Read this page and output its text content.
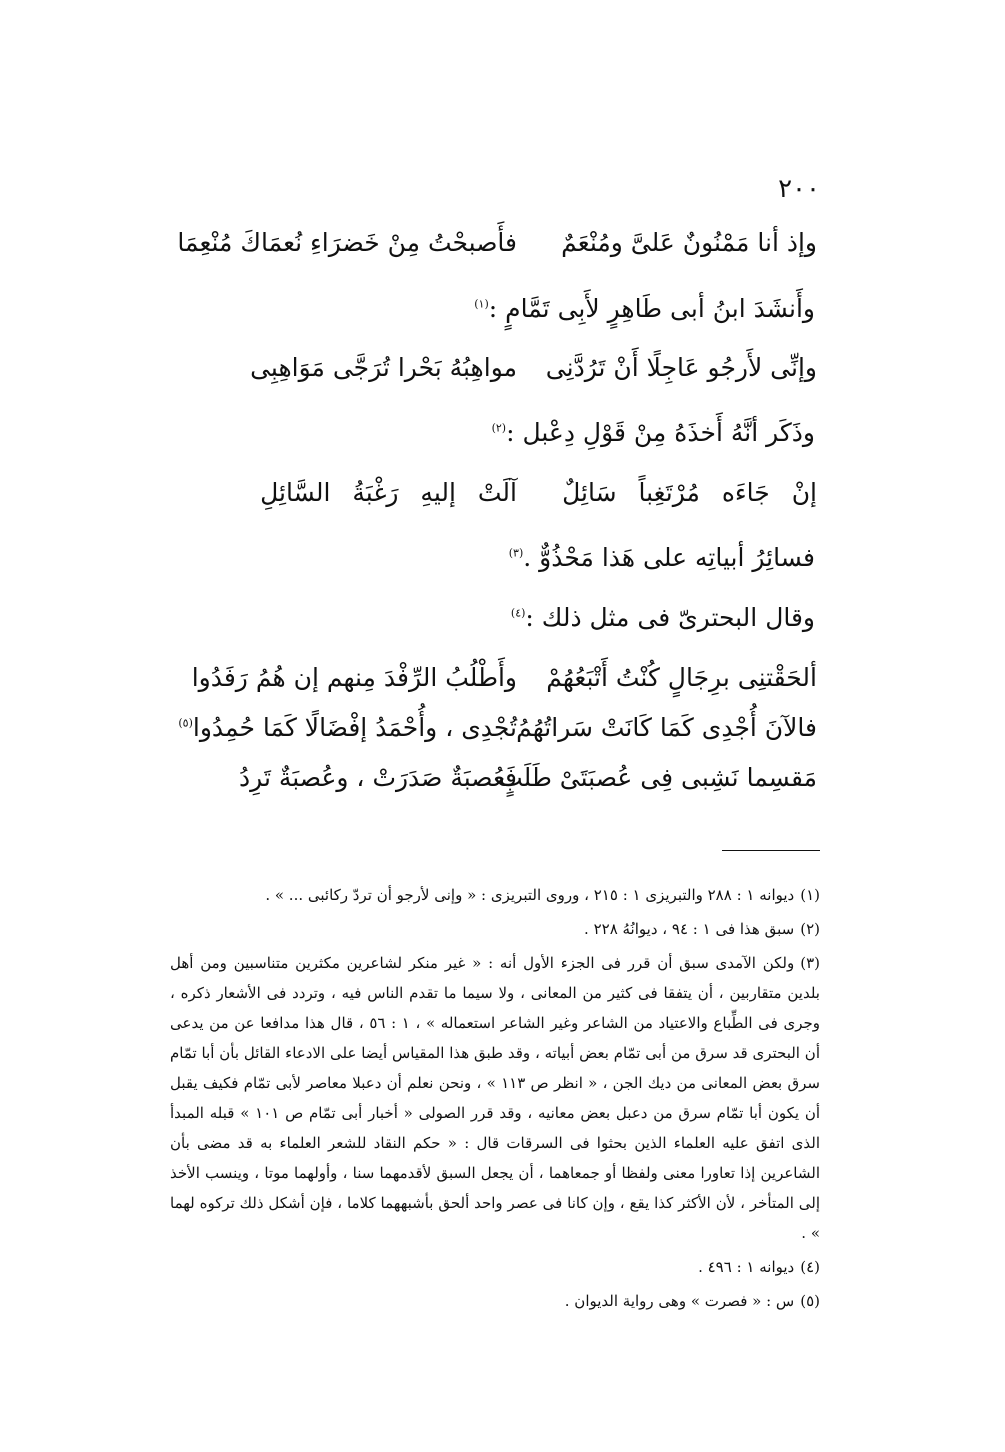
٢٠٠
وإذ أنا مَمْنُونٌ عَلىَّ ومُنْعَمٌ
فأَصبحْتُ مِنْ خَضرَاءِ نُعمَاكَ مُنْعِمَا
وأَنشَدَ ابنُ أبى طَاهِرٍ لأَبِى تَمَّامٍ :$^{(١)}$
وإنِّى لأَرجُو عَاجِلًا أَنْ تَرُدَّنِى
مواهِبُهُ بَحْرا تُرَجَّى مَوَاهِبِى
وذَكَر أنَّهُ أَخذَهُ مِنْ قَوْلِ دِعْبل :$^{(٢)}$
إنْ جَاءَه مُرْتَغِباً سَائِلٌ
آلَتْ إليهِ رَغْبَةُ السَّائِلِ
فسائِرُ أبياتِه على هَذا مَحْذُوٌّ .$^{(٣)}$
وقال البحترىّ فى مثل ذلك :$^{(٤)}$
ألحَقْتنِى برِجَالٍ كُنْتُ أَتْبَعُهُمْ
وأَطْلُبُ الرِّفْدَ مِنهم إن هُمُ رَفَدُوا
فالآنَ أُجْدِى كَمَا كَانَتْ سَراتُهُمُ
تُجْدِى ، وأُحْمَدُ إفْضَالًا كَمَا حُمِدُوا$^{(٥)}$
مَقسِما نَشِبى فِى عُصبَتَىْ طَلَبٍ
فَعُصبَةٌ صَدَرَتْ ، وعُصبَةٌ تَرِدُ

(١)ديوانه ١ : ٢٨٨ والتبريزى ١ : ٢١٥ ، وروى التبريزى : « وإنى لأرجو أن تردّ ركائبى ... » .

(٢)سبق هذا فى ١ : ٩٤ ، ديوانُهُ ٢٢٨ .

(٣)ولكن الآمدى سبق أن قرر فى الجزء الأول أنه : « غير منكر لشاعرين مكثرين متناسبين ومن أهل بلدين متقاربين ، أن يتفقا فى كثير من المعانى ، ولا سيما ما تقدم الناس فيه ، وتردد فى الأشعار ذكره ، وجرى فى الطِّباع والاعتياد من الشاعر وغير الشاعر استعماله » ، ١ : ٥٦ ، قال هذا مدافعا عن من يدعى أن البحترى قد سرق من أبى تمّام بعض أبياته ، وقد طبق هذا المقياس أيضا على الادعاء القائل بأن أبا تمّام سرق بعض المعانى من ديك الجن ، « انظر ص ١١٣ » ، ونحن نعلم أن دعبلا معاصر لأبى تمّام فكيف يقبل أن يكون أبا تمّام سرق من دعبل بعض معانيه ، وقد قرر الصولى « أخبار أبى تمّام ص ١٠١ » قبله المبدأ الذى اتفق عليه العلماء الذين بحثوا فى السرقات قال : « حكم النقاد للشعر العلماء به قد مضى بأن الشاعرين إذا تعاورا معنى ولفظا أو جمعاهما ، أن يجعل السبق لأقدمهما سنا ، وأولهما موتا ، وينسب الأخذ إلى المتأخر ، لأن الأكثر كذا يقع ، وإن كانا فى عصر واحد ألحق بأشبههما كلاما ، فإن أشكل ذلك تركوه لهما » .

(٤)ديوانه ١ : ٤٩٦ .

(٥)س : « فصرت » وهى رواية الديوان .
